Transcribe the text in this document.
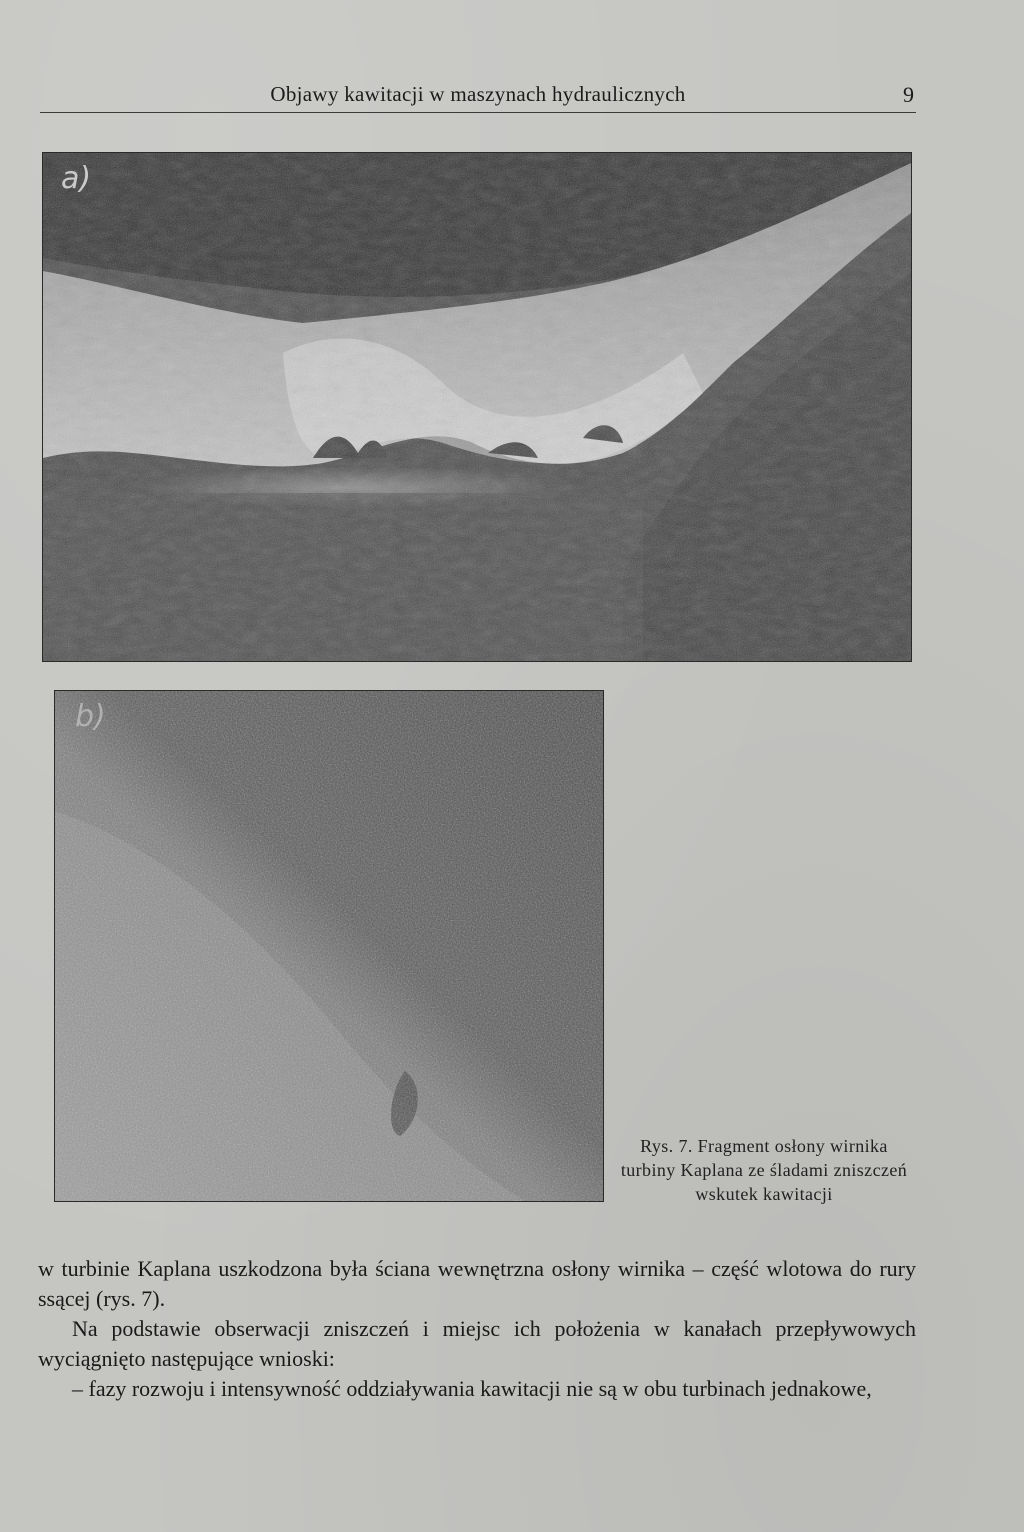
Objawy kawitacji w maszynach hydraulicznych	9
a)
b)
Rys. 7. Fragment osłony wirnika turbiny Kaplana ze śladami zniszczeń wskutek kawitacji

w turbinie Kaplana uszkodzona była ściana wewnętrzna osłony wirnika – część wlotowa do rury ssącej (rys. 7).

Na podstawie obserwacji zniszczeń i miejsc ich położenia w kanałach przepływowych wyciągnięto następujące wnioski:

– fazy rozwoju i intensywność oddziaływania kawitacji nie są w obu turbinach jednakowe,
